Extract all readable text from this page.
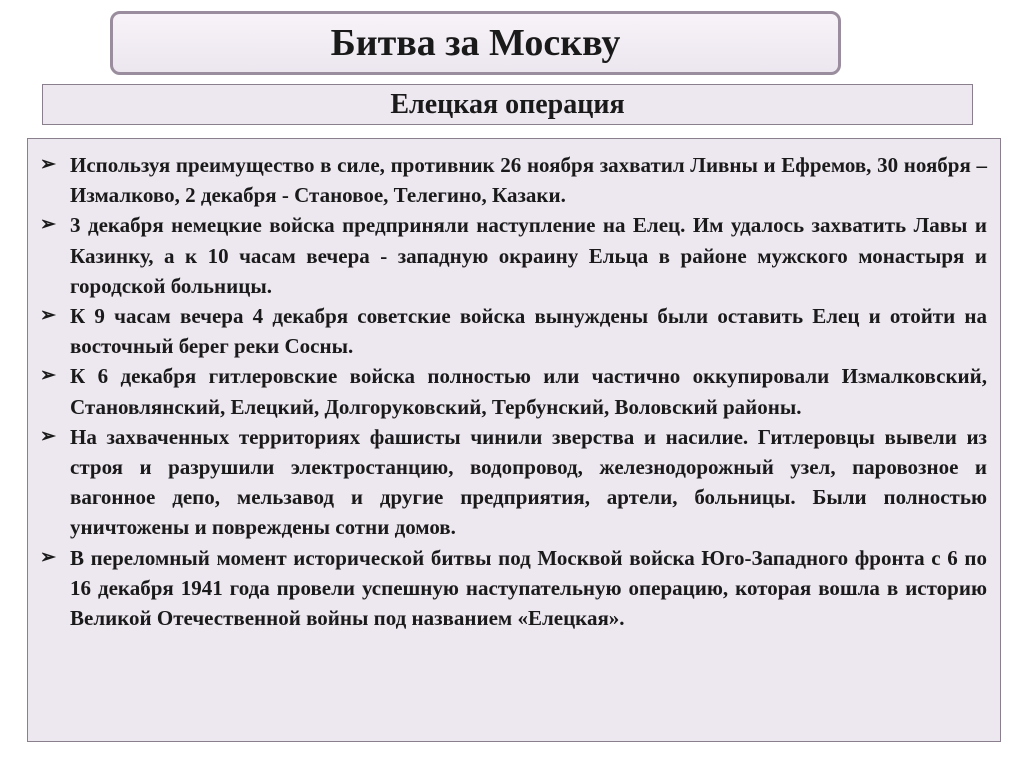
Битва за Москву
Елецкая операция
➢ Используя преимущество в силе, противник 26 ноября захватил Ливны и Ефремов, 30 ноября – Измалково, 2 декабря - Становое, Телегино, Казаки.
➢ 3 декабря немецкие войска предприняли наступление на Елец. Им удалось захватить Лавы и Казинку, а к 10 часам вечера - западную окраину Ельца в районе мужского монастыря и городской больницы.
➢ К 9 часам вечера 4 декабря советские войска вынуждены были оставить Елец и отойти на восточный берег реки Сосны.
➢ К 6 декабря гитлеровские войска полностью или частично оккупировали Измалковский, Становлянский, Елецкий, Долгоруковский, Тербунский, Воловский районы.
➢ На захваченных территориях фашисты чинили зверства и насилие. Гитлеровцы вывели из строя и разрушили электростанцию, водопровод, железнодорожный узел, паровозное и вагонное депо, мельзавод и другие предприятия, артели, больницы. Были полностью уничтожены и повреждены сотни домов.
➢ В переломный момент исторической битвы под Москвой войска Юго-Западного фронта с 6 по 16 декабря 1941 года провели успешную наступательную операцию, которая вошла в историю Великой Отечественной войны под названием «Елецкая».
